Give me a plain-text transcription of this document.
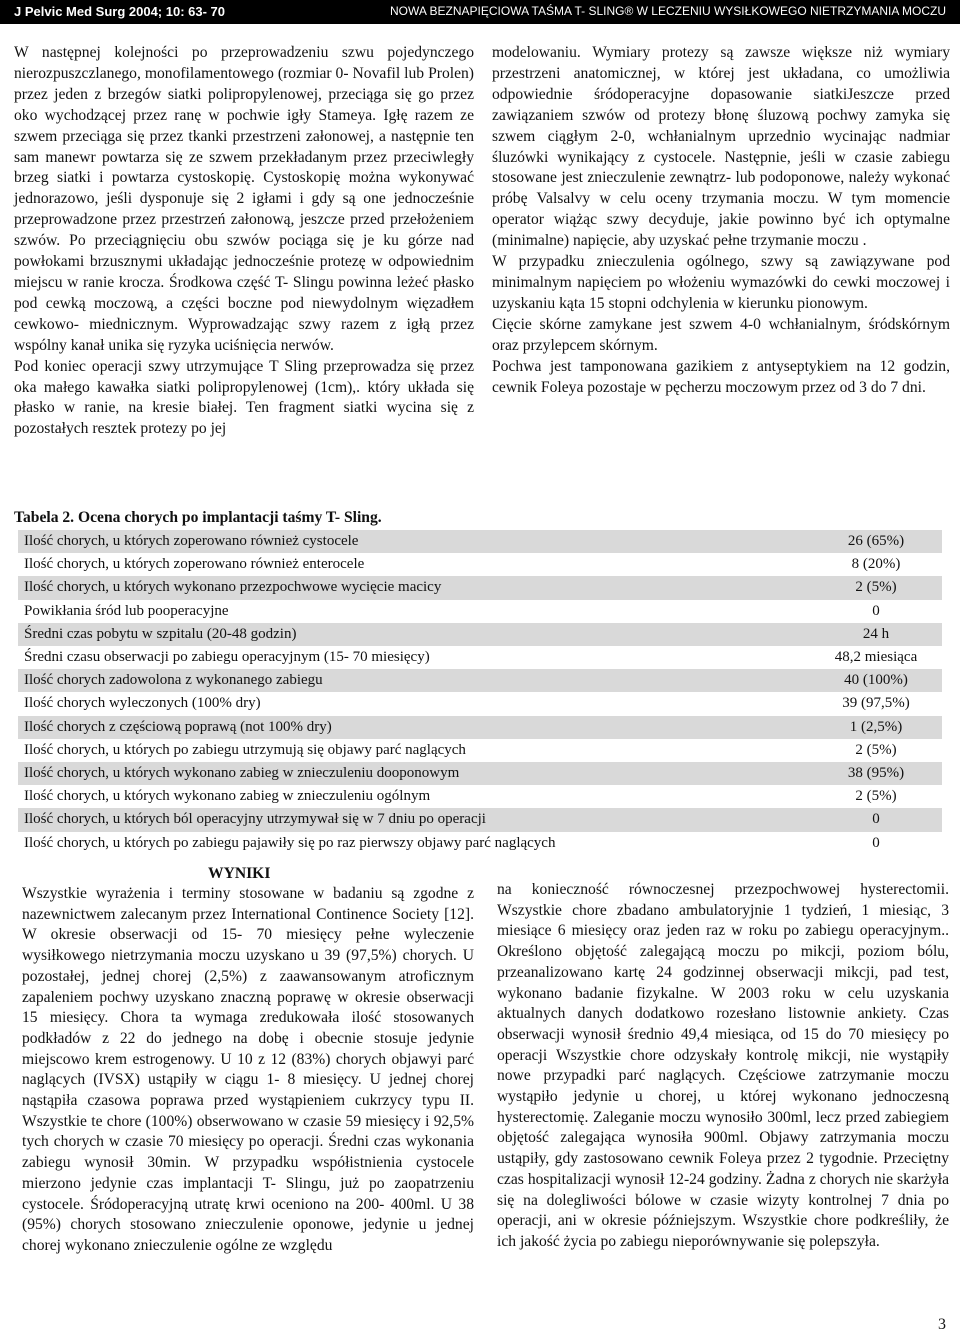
J Pelvic Med Surg 2004; 10: 63- 70	NOWA BEZNAPIĘCIOWA TAŚMA T- SLING® W LECZENIU WYSIŁKOWEGO NIETRZYMANIA MOCZU

W następnej kolejności po przeprowadzeniu szwu pojedynczego nierozpuszczlanego, monofilamentowego (rozmiar 0- Novafil lub Prolen) przez jeden z brzegów siatki polipropylenowej, przeciąga się go przez oko wychodzącej przez ranę w pochwie igły Stameya. Igłę razem ze szwem przeciąga się przez tkanki przestrzeni załonowej, a następnie ten sam manewr powtarza się ze szwem przekładanym przez przeciwległy brzeg siatki i powtarza cystoskopię. Cystoskopię można wykonywać jednorazowo, jeśli dysponuje się 2 igłami i gdy są one jednocześnie przeprowadzone przez przestrzeń załonową, jeszcze przed przełożeniem szwów. Po przeciągnięciu obu szwów pociąga się je ku górze nad powłokami brzusznymi układając jednocześnie protezę w odpowiednim miejscu w ranie krocza. Środkowa część T- Slingu powinna leżeć płasko pod cewką moczową, a części boczne pod niewydolnym więzadłem cewkowo- miednicznym. Wyprowadzając szwy razem z igłą przez wspólny kanał unika się ryzyka uciśnięcia nerwów.

Pod koniec operacji szwy utrzymujące T Sling przeprowadza się przez oka małego kawałka siatki polipropylenowej (1cm),. który układa się płasko w ranie, na kresie białej. Ten fragment siatki wycina się z pozostałych resztek protezy po jej

modelowaniu. Wymiary protezy są zawsze większe niż wymiary przestrzeni anatomicznej, w której jest układana, co umożliwia odpowiednie śródoperacyjne dopasowanie siatkiJeszcze przed zawiązaniem szwów od protezy błonę śluzową pochwy zamyka się szwem ciągłym 2-0, wchłanialnym uprzednio wycinając nadmiar śluzówki wynikający z cystocele. Następnie, jeśli w czasie zabiegu stosowane jest znieczulenie zewnątrz- lub podoponowe, należy wykonać próbę Valsalvy w celu oceny trzymania moczu. W tym momencie operator wiążąc szwy decyduje, jakie powinno być ich optymalne (minimalne) napięcie, aby uzyskać pełne trzymanie moczu .

W przypadku znieczulenia ogólnego, szwy są zawiązywane pod minimalnym napięciem po włożeniu wymazówki do cewki moczowej i uzyskaniu kąta 15 stopni odchylenia w kierunku pionowym.

Cięcie skórne zamykane jest szwem 4-0 wchłanialnym, śródskórnym oraz przylepcem skórnym.

Pochwa jest tamponowana gazikiem z antyseptykiem na 12 godzin, cewnik Foleya pozostaje w pęcherzu moczowym przez od 3 do 7 dni.

Tabela 2. Ocena chorych po implantacji taśmy T- Sling.
Ilość chorych, u których zoperowano również cystocele	26 (65%)
Ilość chorych, u których zoperowano również enterocele	8 (20%)
Ilość chorych, u których wykonano przezpochwowe wycięcie macicy	2 (5%)
Powikłania śród lub pooperacyjne	0
Średni czas pobytu w szpitalu (20-48 godzin)	24 h
Średni czasu obserwacji po zabiegu operacyjnym (15- 70 miesięcy)	48,2 miesiąca
Ilość chorych zadowolona z wykonanego zabiegu	40 (100%)
Ilość chorych wyleczonych (100% dry)	39 (97,5%)
Ilość chorych z częściową poprawą (not 100% dry)	1 (2,5%)
Ilość chorych, u których po zabiegu utrzymują się objawy parć naglących	2 (5%)
Ilość chorych, u których wykonano zabieg w znieczuleniu dooponowym	38 (95%)
Ilość chorych, u których wykonano zabieg w znieczuleniu ogólnym	2 (5%)
Ilość chorych, u których ból operacyjny utrzymywał się w 7 dniu po operacji	0
Ilość chorych, u których po zabiegu pajawiły się po raz pierwszy objawy parć naglących	0
WYNIKI

Wszystkie wyrażenia i terminy stosowane w badaniu są zgodne z nazewnictwem zalecanym przez International Continence Society [12]. W okresie obserwacji od 15- 70 miesięcy pełne wyleczenie wysiłkowego nietrzymania moczu uzyskano u 39 (97,5%) chorych. U pozostałej, jednej chorej (2,5%) z zaawansowanym atroficznym zapaleniem pochwy uzyskano znaczną poprawę w okresie obserwacji 15 miesięcy. Chora ta wymaga zredukowała ilość stosowanych podkładów z 22 do jednego na dobę i obecnie stosuje jedynie miejscowo krem estrogenowy. U 10 z 12 (83%) chorych objawyi parć naglących (IVSX) ustąpiły w ciągu 1- 8 miesięcy. U jednej chorej nąstąpiła czasowa poprawa przed wystąpieniem cukrzycy typu II. Wszystkie te chore (100%) obserwowano w czasie 59 miesięcy i 92,5% tych chorych w czasie 70 miesięcy po operacji. Średni czas wykonania zabiegu wynosił 30min. W przypadku współistnienia cystocele mierzono jedynie czas implantacji T- Slingu, już po zaopatrzeniu cystocele. Śródoperacyjną utratę krwi oceniono na 200- 400ml. U 38 (95%) chorych stosowano znieczulenie oponowe, jedynie u jednej chorej wykonano znieczulenie ogólne ze względu

na konieczność równoczesnej przezpochwowej hysterectomii. Wszystkie chore zbadano ambulatoryjnie 1 tydzień, 1 miesiąc, 3 miesiące 6 miesięcy oraz jeden raz w roku po zabiegu operacyjnym.. Określono objętość zalegającą moczu po mikcji, poziom bólu, przeanalizowano kartę 24 godzinnej obserwacji mikcji, pad test, wykonano badanie fizykalne. W 2003 roku w celu uzyskania aktualnych danych dodatkowo rozesłano listownie ankiety. Czas obserwacji wynosił średnio 49,4 miesiąca, od 15 do 70 miesięcy po operacji Wszystkie chore odzyskały kontrolę mikcji, nie wystąpiły nowe przypadki parć naglących. Częściowe zatrzymanie moczu wystąpiło jedynie u chorej, u której wykonano jednoczesną hysterectomię. Zaleganie moczu wynosiło 300ml, lecz przed zabiegiem objętość zalegająca wynosiła 900ml. Objawy zatrzymania moczu ustąpiły, gdy zastosowano cewnik Foleya przez 2 tygodnie. Przeciętny czas hospitalizacji wynosił 12-24 godziny. Żadna z chorych nie skarżyła się na dolegliwości bólowe w czasie wizyty kontrolnej 7 dnia po operacji, ani w okresie późniejszym. Wszystkie chore podkreśliły, że ich jakość życia po zabiegu nieporównywanie się polepszyła.

3
